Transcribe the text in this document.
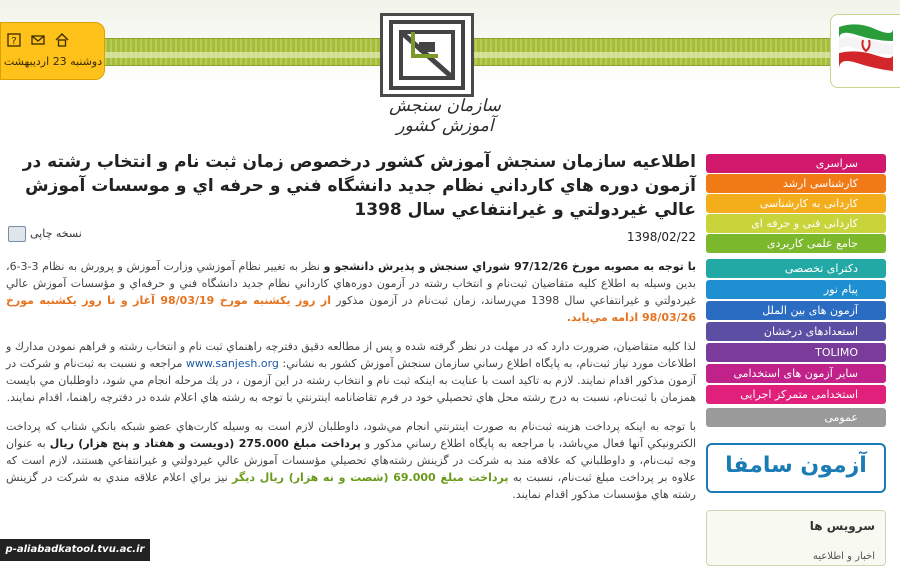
سازمان سنجش آموزش کشور
?
دوشنبه 23 ارديبهشت
اطلاعيه سازمان سنجش آموزش كشور درخصوص زمان ثبت نام و انتخاب رشته در آزمون دوره هاي كارداني نظام جديد دانشگاه فني و حرفه اي و موسسات آموزش عالي غيردولتي و غيرانتفاعي سال 1398
نسخه چاپی	1398/02/22

با توجه به مصوبه مورخ 97/12/26 شوراي سنجش و پذيرش دانشجو و نظر به تغيير نظام آموزشي وزارت آموزش و پرورش به نظام 3-3-6، بدين وسيله به اطلاع كليه متقاضيان ثبت‌نام و انتخاب رشته در آزمون دوره‌هاي كارداني نظام جديد دانشگاه فني و حرفه‌اي و مؤسسات آموزش عالي غيردولتي و غيرانتفاعي سال 1398 مي‌رساند، زمان ثبت‌نام در آزمون مذكور از روز يكشنبه مورخ 98/03/19 آغاز و تا روز يكشنبه مورخ 98/03/26 ادامه مي‌يابد.

لذا كليه متقاضيان، ضرورت دارد كه در مهلت در نظر گرفته شده و پس از مطالعه دقيق دفترچه راهنماي ثبت نام و انتخاب رشته و فراهم نمودن مدارك و اطلاعات مورد نياز ثبت‌نام، به پايگاه اطلاع رساني سازمان سنجش آموزش كشور به نشاني: www.sanjesh.org مراجعه و نسبت به ثبت‌نام و شركت در آزمون مذكور اقدام نمايند. لازم به تاكيد است با عنايت به اينكه ثبت نام و انتخاب رشته در اين آزمون ، در يك مرحله انجام مي شود، داوطلبان مي بايست همزمان با ثبت‌نام، نسبت به درج رشته محل هاي تحصيلي خود در فرم تقاضانامه اينترنتي با توجه به رشته هاي اعلام شده در دفترچه راهنما، اقدام نمايند.

با توجه به اينكه پرداخت هزينه ثبت‌نام به صورت اينترنتي انجام مي‌شود، داوطلبان لازم است به وسيله كارت‌هاي عضو شبكه بانكي شتاب كه پرداخت الكترونيكي آنها فعال مي‌باشد، با مراجعه به پايگاه اطلاع رساني مذكور و پرداخت مبلغ 275.000 (دويست و هفتاد و پنج هزار) ريال به عنوان وجه ثبت‌نام، و داوطلباني كه علاقه مند به شركت در گزينش رشته‌هاي تحصيلي مؤسسات آموزش عالي غيردولتي و غيرانتفاعي هستند، لازم است كه علاوه بر پرداخت مبلغ ثبت‌نام، نسبت به پرداخت مبلغ 69.000 (شصت و نه هزار) ريال ديگر نيز براي اعلام علاقه مندي به شركت در گزينش رشته هاي مؤسسات مذكور اقدام نمايند.

p-aliabadkatool.tvu.ac.ir
سراسری
کارشناسی ارشد
کاردانی به کارشناسی
کاردانی فنی و حرفه ای
جامع علمی کاربردی
دکترای تخصصی
پیام نور
آزمون های بین الملل
استعدادهای درخشان
TOLIMO
سایر آزمون های استخدامی
استخدامی متمرکز اجرایی
عمومی
آزمون سامفا
سرویس ها
اخبار و اطلاعیه
